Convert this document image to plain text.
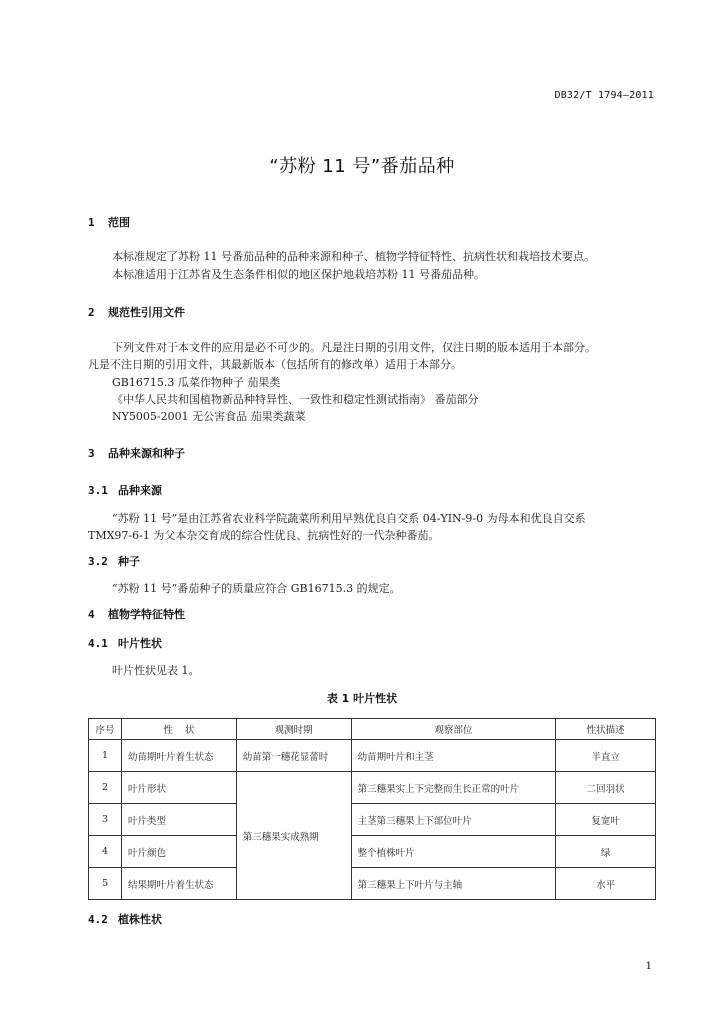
DB32/T 1794—2011
“苏粉 11 号”番茄品种
1 范围
本标准规定了苏粉 11 号番茄品种的品种来源和种子、植物学特征特性、抗病性状和栽培技术要点。
本标准适用于江苏省及生态条件相似的地区保护地栽培苏粉 11 号番茄品种。
2 规范性引用文件
下列文件对于本文件的应用是必不可少的。凡是注日期的引用文件，仅注日期的版本适用于本部分。
凡是不注日期的引用文件，其最新版本（包括所有的修改单）适用于本部分。
GB16715.3 瓜菜作物种子 茄果类
《中华人民共和国植物新品种特异性、一致性和稳定性测试指南》 番茄部分
NY5005-2001 无公害食品 茄果类蔬菜
3 品种来源和种子
3.1 品种来源
“苏粉 11 号”是由江苏省农业科学院蔬菜所利用早熟优良自交系 04-YIN-9-0 为母本和优良自交系
TMX97-6-1 为父本杂交育成的综合性优良、抗病性好的一代杂种番茄。
3.2 种子
“苏粉 11 号”番茄种子的质量应符合 GB16715.3 的规定。
4 植物学特征特性
4.1 叶片性状
叶片性状见表 1。
表 1 叶片性状
序号	性    状	观测时期	观察部位	性状描述
1	幼苗期叶片着生状态	幼苗第一穗花显蕾时	幼苗期叶片和主茎	半直立
2	叶片形状	第三穗果实成熟期	第三穗果实上下完整而生长正常的叶片	二回羽状
3	叶片类型		主茎第三穗果上下部位叶片	复宽叶
4	叶片颜色		整个植株叶片	绿
5	结果期叶片着生状态		第三穗果上下叶片与主轴	水平
4.2 植株性状
1
